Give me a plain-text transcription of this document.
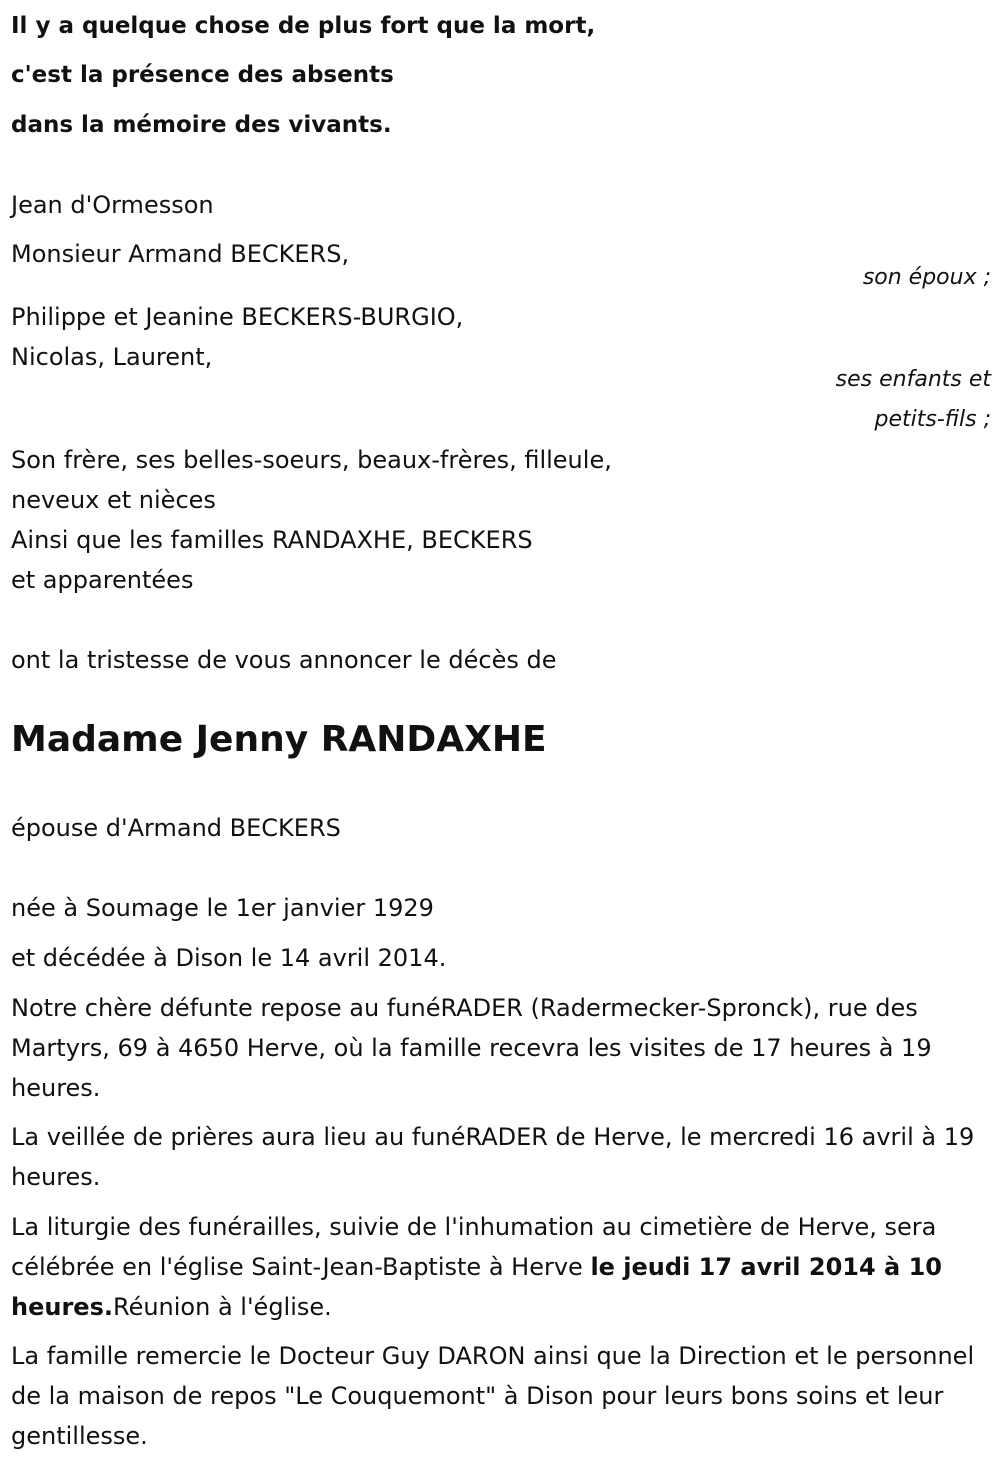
Il y a quelque chose de plus fort que la mort,
c'est la présence des absents
dans la mémoire des vivants.
Jean d'Ormesson
Monsieur Armand BECKERS,
son époux ;
Philippe et Jeanine BECKERS-BURGIO,
Nicolas, Laurent,
ses enfants et
petits-fils ;
Son frère, ses belles-soeurs, beaux-frères, filleule,
neveux et nièces
Ainsi que les familles RANDAXHE, BECKERS
et apparentées
ont la tristesse de vous annoncer le décès de
Madame Jenny RANDAXHE
épouse d'Armand BECKERS
née à Soumage le 1er janvier 1929
et décédée à Dison le 14 avril 2014.
Notre chère défunte repose au funéRADER (Radermecker-Spronck), rue des Martyrs, 69 à 4650 Herve, où la famille recevra les visites de 17 heures à 19 heures.
La veillée de prières aura lieu au funéRADER de Herve, le mercredi 16 avril à 19 heures.
La liturgie des funérailles, suivie de l'inhumation au cimetière de Herve, sera célébrée en l'église Saint-Jean-Baptiste à Herve le jeudi 17 avril 2014 à 10 heures.Réunion à l'église.
La famille remercie le Docteur Guy DARON ainsi que la Direction et le personnel de la maison de repos "Le Couquemont" à Dison pour leurs bons soins et leur gentillesse.
